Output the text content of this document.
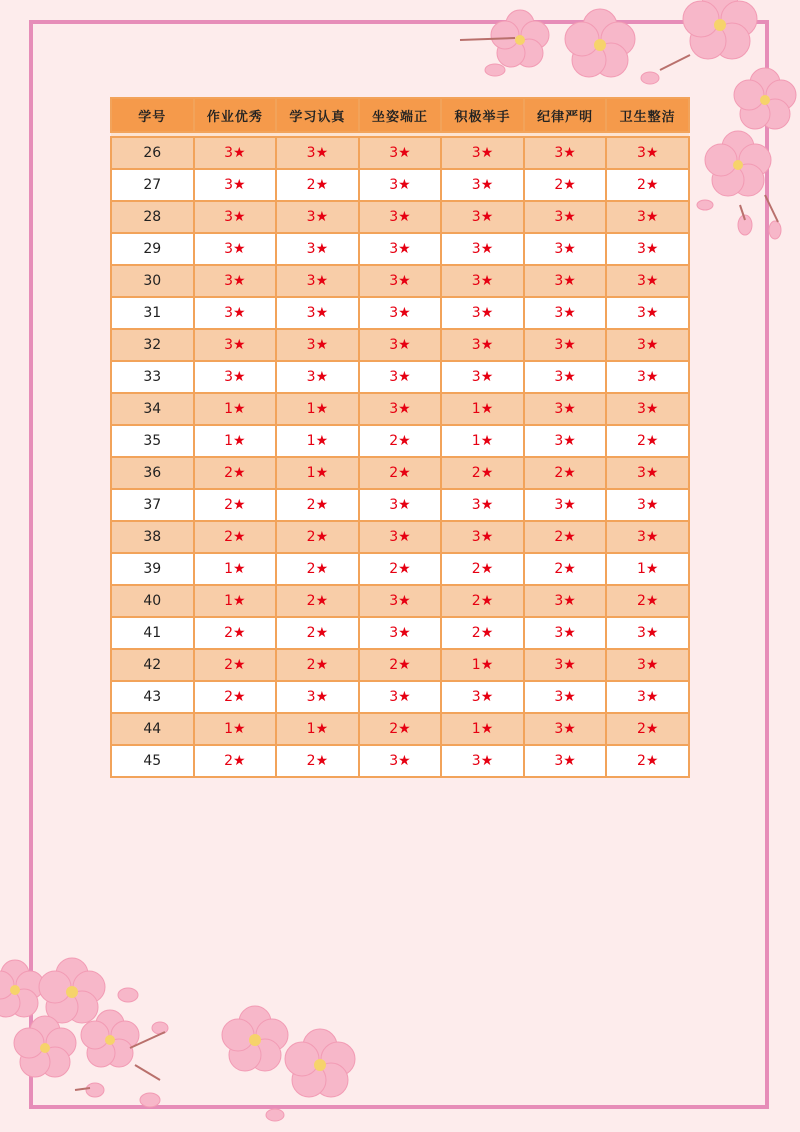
学号	作业优秀	学习认真	坐姿端正	积极举手	纪律严明	卫生整洁

26	3★	3★	3★	3★	3★	3★
27	3★	2★	3★	3★	2★	2★
28	3★	3★	3★	3★	3★	3★
29	3★	3★	3★	3★	3★	3★
30	3★	3★	3★	3★	3★	3★
31	3★	3★	3★	3★	3★	3★
32	3★	3★	3★	3★	3★	3★
33	3★	3★	3★	3★	3★	3★
34	1★	1★	3★	1★	3★	3★
35	1★	1★	2★	1★	3★	2★
36	2★	1★	2★	2★	2★	3★
37	2★	2★	3★	3★	3★	3★
38	2★	2★	3★	3★	2★	3★
39	1★	2★	2★	2★	2★	1★
40	1★	2★	3★	2★	3★	2★
41	2★	2★	3★	2★	3★	3★
42	2★	2★	2★	1★	3★	3★
43	2★	3★	3★	3★	3★	3★
44	1★	1★	2★	1★	3★	2★
45	2★	2★	3★	3★	3★	2★
